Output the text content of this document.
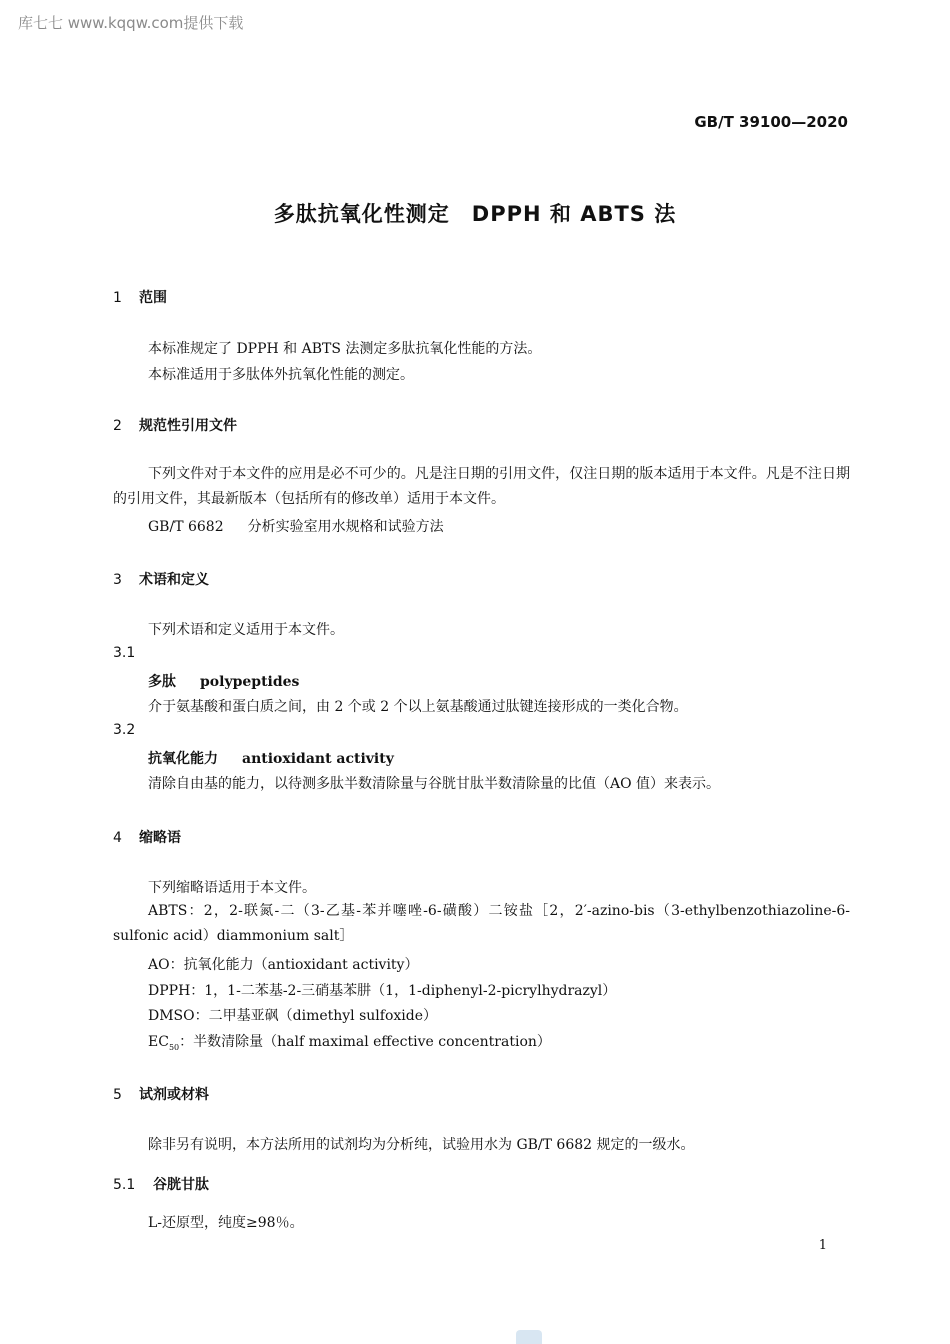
库七七 www.kqqw.com提供下载
GB/T 39100—2020
多肽抗氧化性测定　DPPH 和 ABTS 法
1 范围
本标准规定了 DPPH 和 ABTS 法测定多肽抗氧化性能的方法。
本标准适用于多肽体外抗氧化性能的测定。
2 规范性引用文件
下列文件对于本文件的应用是必不可少的。凡是注日期的引用文件，仅注日期的版本适用于本文件。凡是不注日期的引用文件，其最新版本（包括所有的修改单）适用于本文件。
GB/T 6682 分析实验室用水规格和试验方法
3 术语和定义
下列术语和定义适用于本文件。
3.1
多肽 polypeptides
介于氨基酸和蛋白质之间，由 2 个或 2 个以上氨基酸通过肽键连接形成的一类化合物。
3.2
抗氧化能力 antioxidant activity
清除自由基的能力，以待测多肽半数清除量与谷胱甘肽半数清除量的比值（AO 值）来表示。
4 缩略语
下列缩略语适用于本文件。
ABTS：2，2-联氮-二（3-乙基-苯并噻唑-6-磺酸）二铵盐［2，2′-azino-bis（3-ethylbenzothiazoline-6-sulfonic acid）diammonium salt］
AO：抗氧化能力（antioxidant activity）
DPPH：1，1-二苯基-2-三硝基苯肼（1，1-diphenyl-2-picrylhydrazyl）
DMSO：二甲基亚砜（dimethyl sulfoxide）
$EC_{50}$：半数清除量（half maximal effective concentration）
5 试剂或材料
除非另有说明，本方法所用的试剂均为分析纯，试验用水为 GB/T 6682 规定的一级水。
5.1 谷胱甘肽
L-还原型，纯度≥98％。
1
